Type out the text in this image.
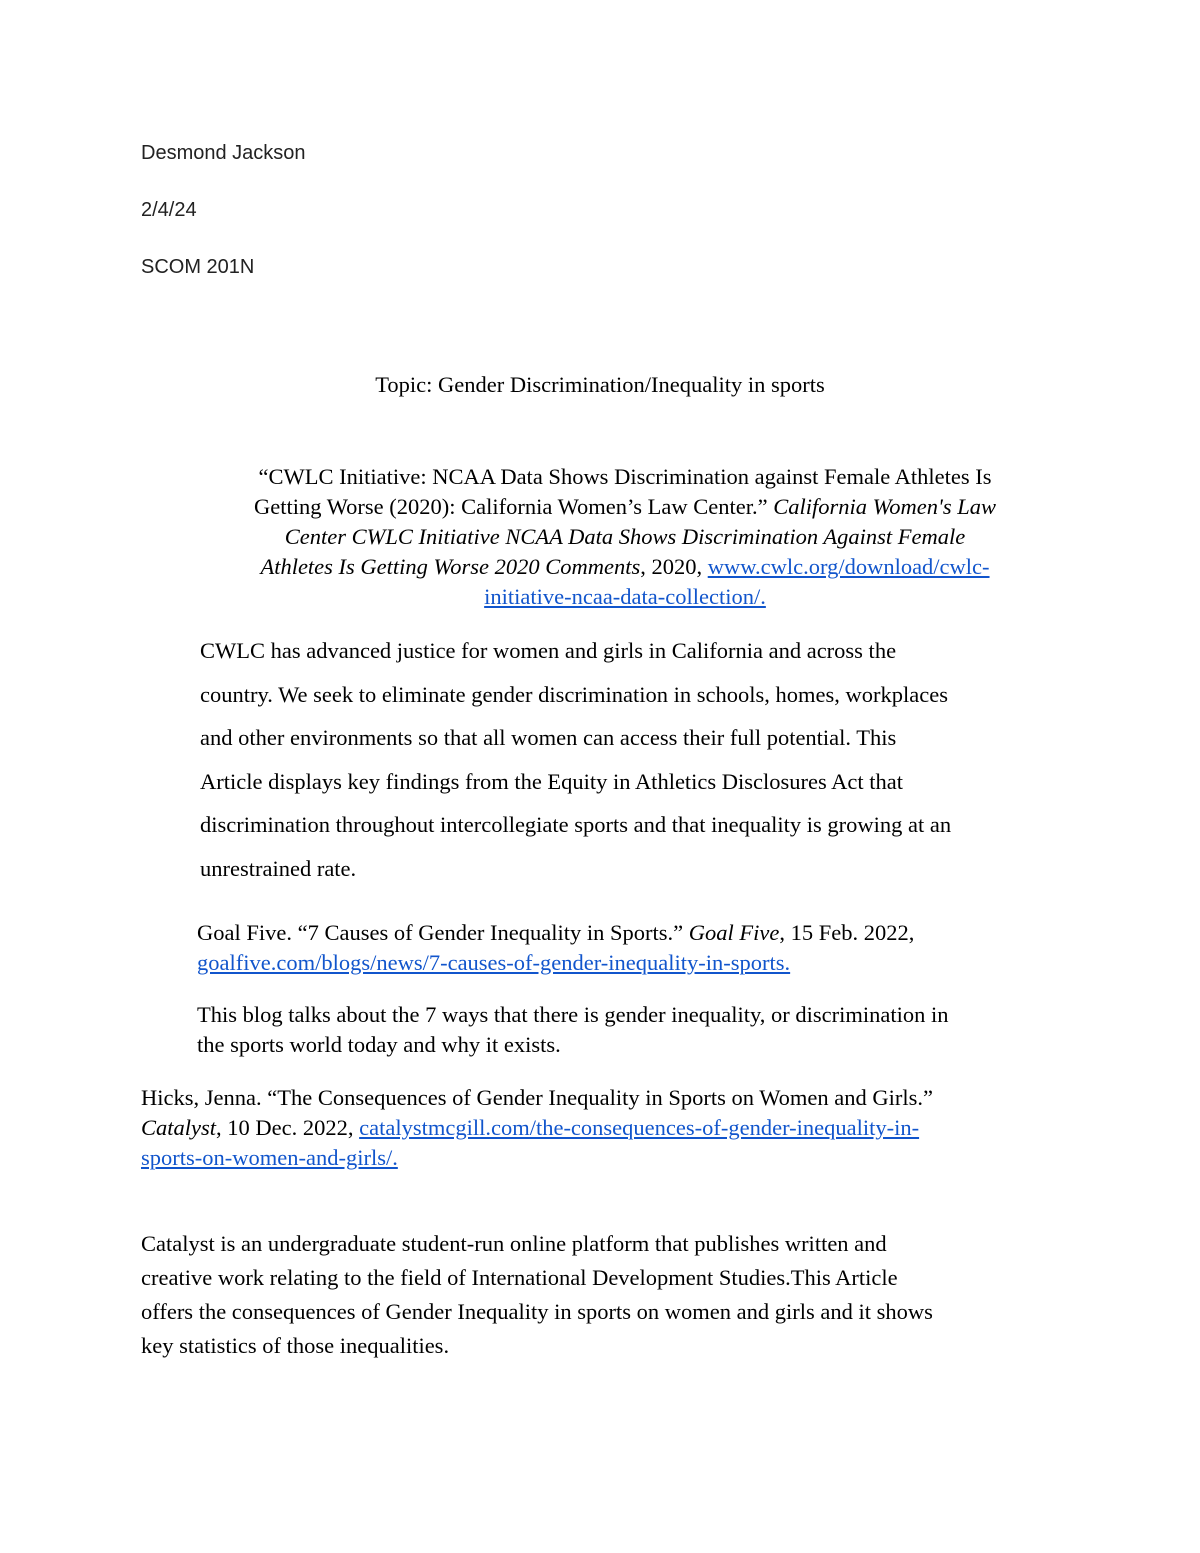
Desmond Jackson

2/4/24

SCOM 201N

Topic: Gender Discrimination/Inequality in sports

“CWLC Initiative: NCAA Data Shows Discrimination against Female Athletes Is
Getting Worse (2020): California Women’s Law Center.” California Women's Law
Center CWLC Initiative NCAA Data Shows Discrimination Against Female
Athletes Is Getting Worse 2020 Comments, 2020, www.cwlc.org/download/cwlc-
initiative-ncaa-data-collection/.
CWLC has advanced justice for women and girls in California and across the
country. We seek to eliminate gender discrimination in schools, homes, workplaces
and other environments so that all women can access their full potential. This
Article displays key findings from the Equity in Athletics Disclosures Act that
discrimination throughout intercollegiate sports and that inequality is growing at an
unrestrained rate.
Goal Five. “7 Causes of Gender Inequality in Sports.” Goal Five, 15 Feb. 2022,
goalfive.com/blogs/news/7-causes-of-gender-inequality-in-sports.
This blog talks about the 7 ways that there is gender inequality, or discrimination in
the sports world today and why it exists.
Hicks, Jenna. “The Consequences of Gender Inequality in Sports on Women and Girls.”
Catalyst, 10 Dec. 2022, catalystmcgill.com/the-consequences-of-gender-inequality-in-
sports-on-women-and-girls/.
Catalyst is an undergraduate student-run online platform that publishes written and
creative work relating to the field of International Development Studies.This Article
offers the consequences of Gender Inequality in sports on women and girls and it shows
key statistics of those inequalities.
